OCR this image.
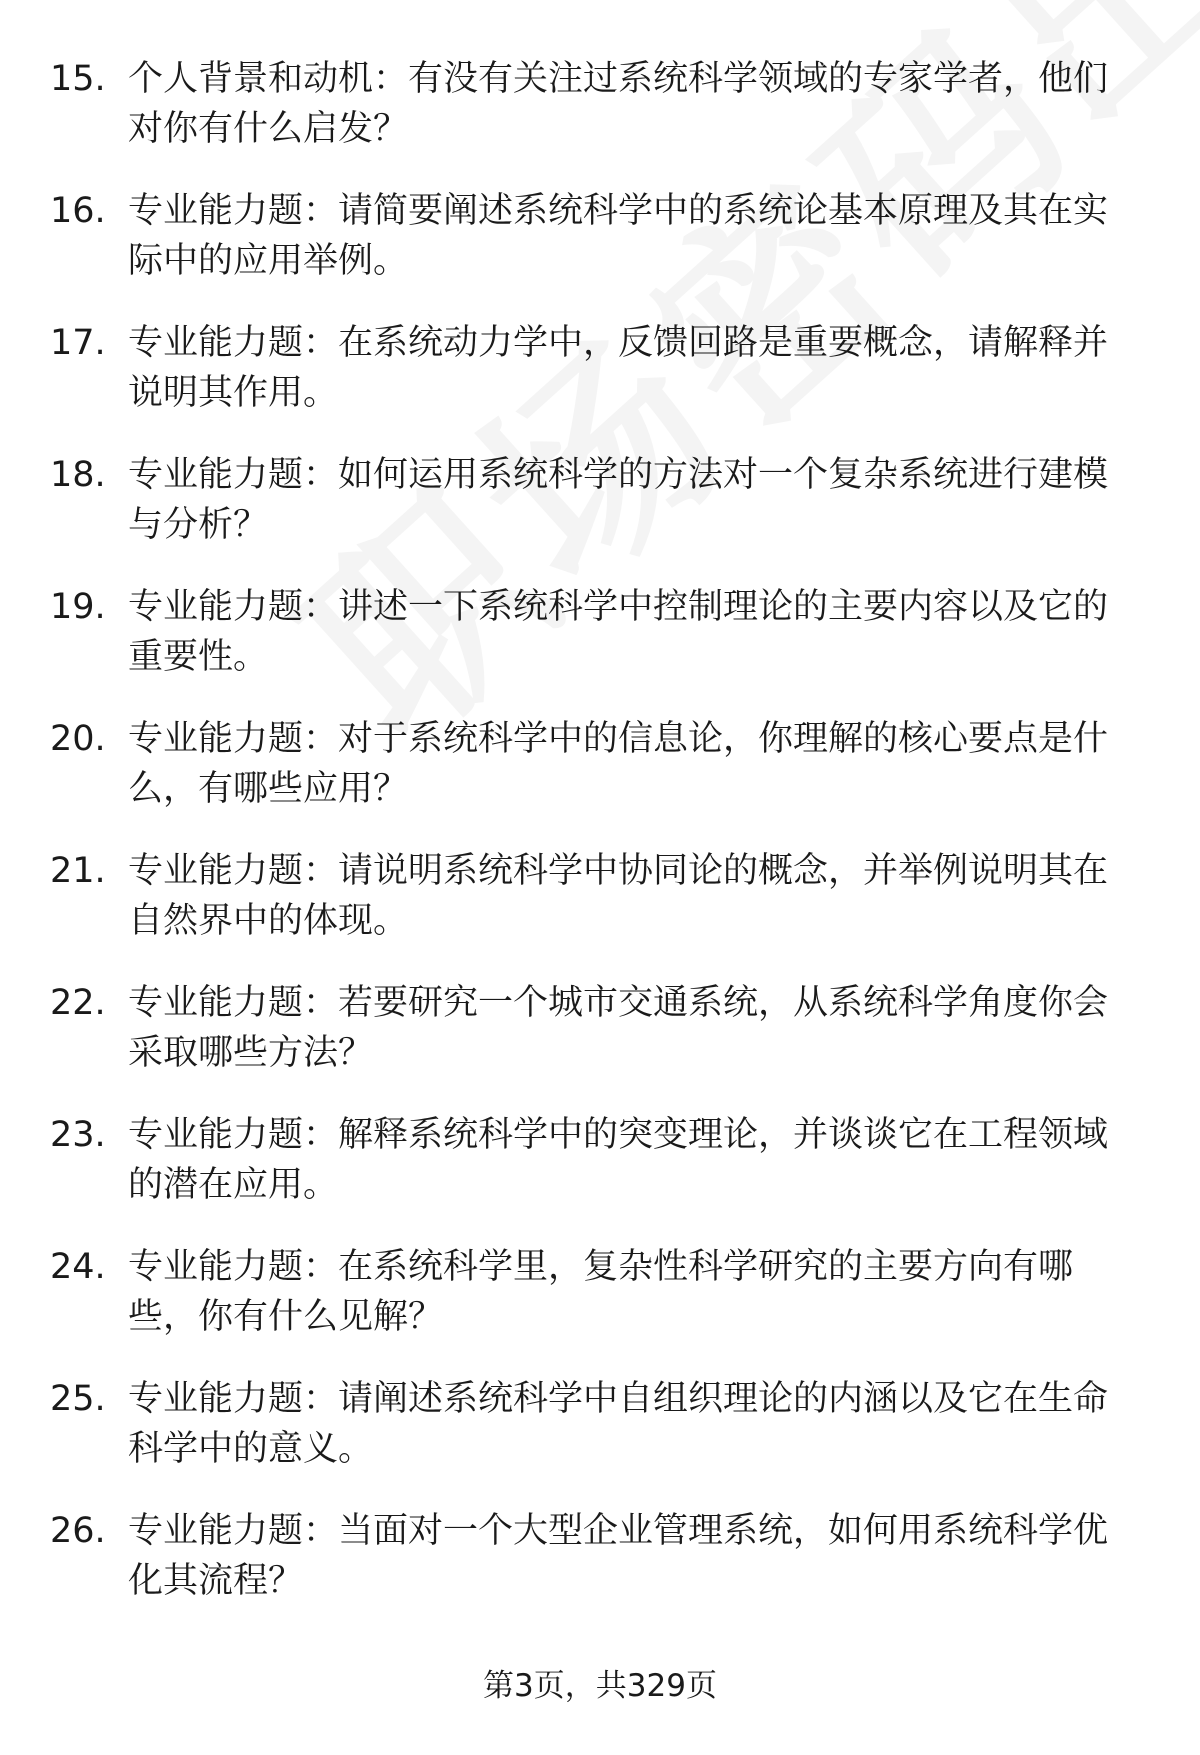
15. 个人背景和动机：有没有关注过系统科学领域的专家学者，他们对你有什么启发？
16. 专业能力题：请简要阐述系统科学中的系统论基本原理及其在实际中的应用举例。
17. 专业能力题：在系统动力学中，反馈回路是重要概念，请解释并说明其作用。
18. 专业能力题：如何运用系统科学的方法对一个复杂系统进行建模与分析？
19. 专业能力题：讲述一下系统科学中控制理论的主要内容以及它的重要性。
20. 专业能力题：对于系统科学中的信息论，你理解的核心要点是什么，有哪些应用？
21. 专业能力题：请说明系统科学中协同论的概念，并举例说明其在自然界中的体现。
22. 专业能力题：若要研究一个城市交通系统，从系统科学角度你会采取哪些方法？
23. 专业能力题：解释系统科学中的突变理论，并谈谈它在工程领域的潜在应用。
24. 专业能力题：在系统科学里，复杂性科学研究的主要方向有哪些，你有什么见解？
25. 专业能力题：请阐述系统科学中自组织理论的内涵以及它在生命科学中的意义。
26. 专业能力题：当面对一个大型企业管理系统，如何用系统科学优化其流程？
第3页，共329页
